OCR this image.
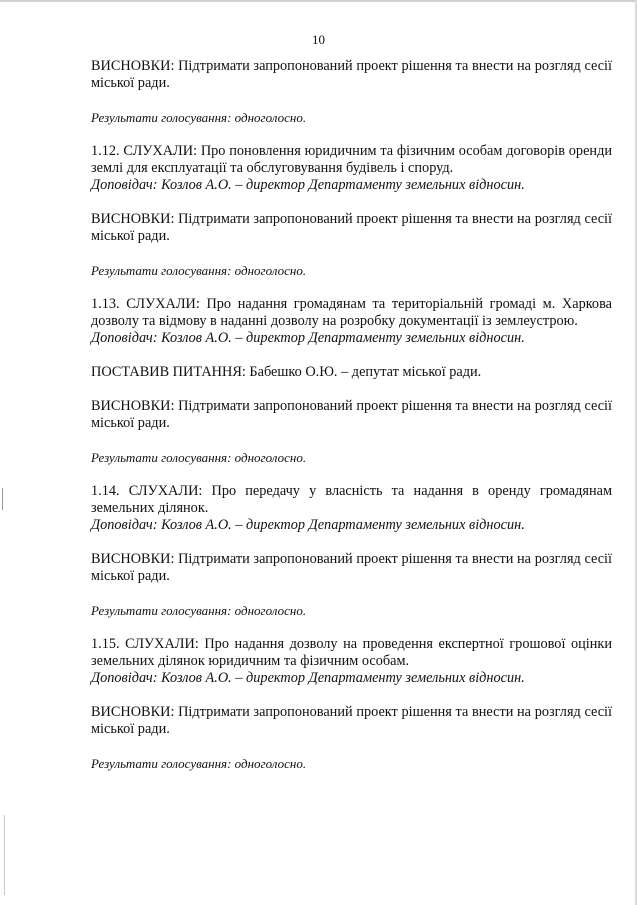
10

ВИСНОВКИ: Підтримати запропонований проект рішення та внести на розгляд сесії міської ради.

Результати голосування: одноголосно.

1.12. СЛУХАЛИ: Про поновлення юридичним та фізичним особам договорів оренди землі для експлуатації та обслуговування будівель і споруд.

Доповідач: Козлов А.О. – директор Департаменту земельних відносин.

ВИСНОВКИ: Підтримати запропонований проект рішення та внести на розгляд сесії міської ради.

Результати голосування: одноголосно.

1.13. СЛУХАЛИ: Про надання громадянам та територіальній громаді м. Харкова дозволу та відмову в наданні дозволу на розробку документації із землеустрою.

Доповідач: Козлов А.О. – директор Департаменту земельних відносин.

ПОСТАВИВ ПИТАННЯ: Бабешко О.Ю. – депутат міської ради.

ВИСНОВКИ: Підтримати запропонований проект рішення та внести на розгляд сесії міської ради.

Результати голосування: одноголосно.

1.14. СЛУХАЛИ: Про передачу у власність та надання в оренду громадянам земельних ділянок.

Доповідач: Козлов А.О. – директор Департаменту земельних відносин.

ВИСНОВКИ: Підтримати запропонований проект рішення та внести на розгляд сесії міської ради.

Результати голосування: одноголосно.

1.15. СЛУХАЛИ: Про надання дозволу на проведення експертної грошової оцінки земельних ділянок юридичним та фізичним особам.

Доповідач: Козлов А.О. – директор Департаменту земельних відносин.

ВИСНОВКИ: Підтримати запропонований проект рішення та внести на розгляд сесії міської ради.

Результати голосування: одноголосно.
